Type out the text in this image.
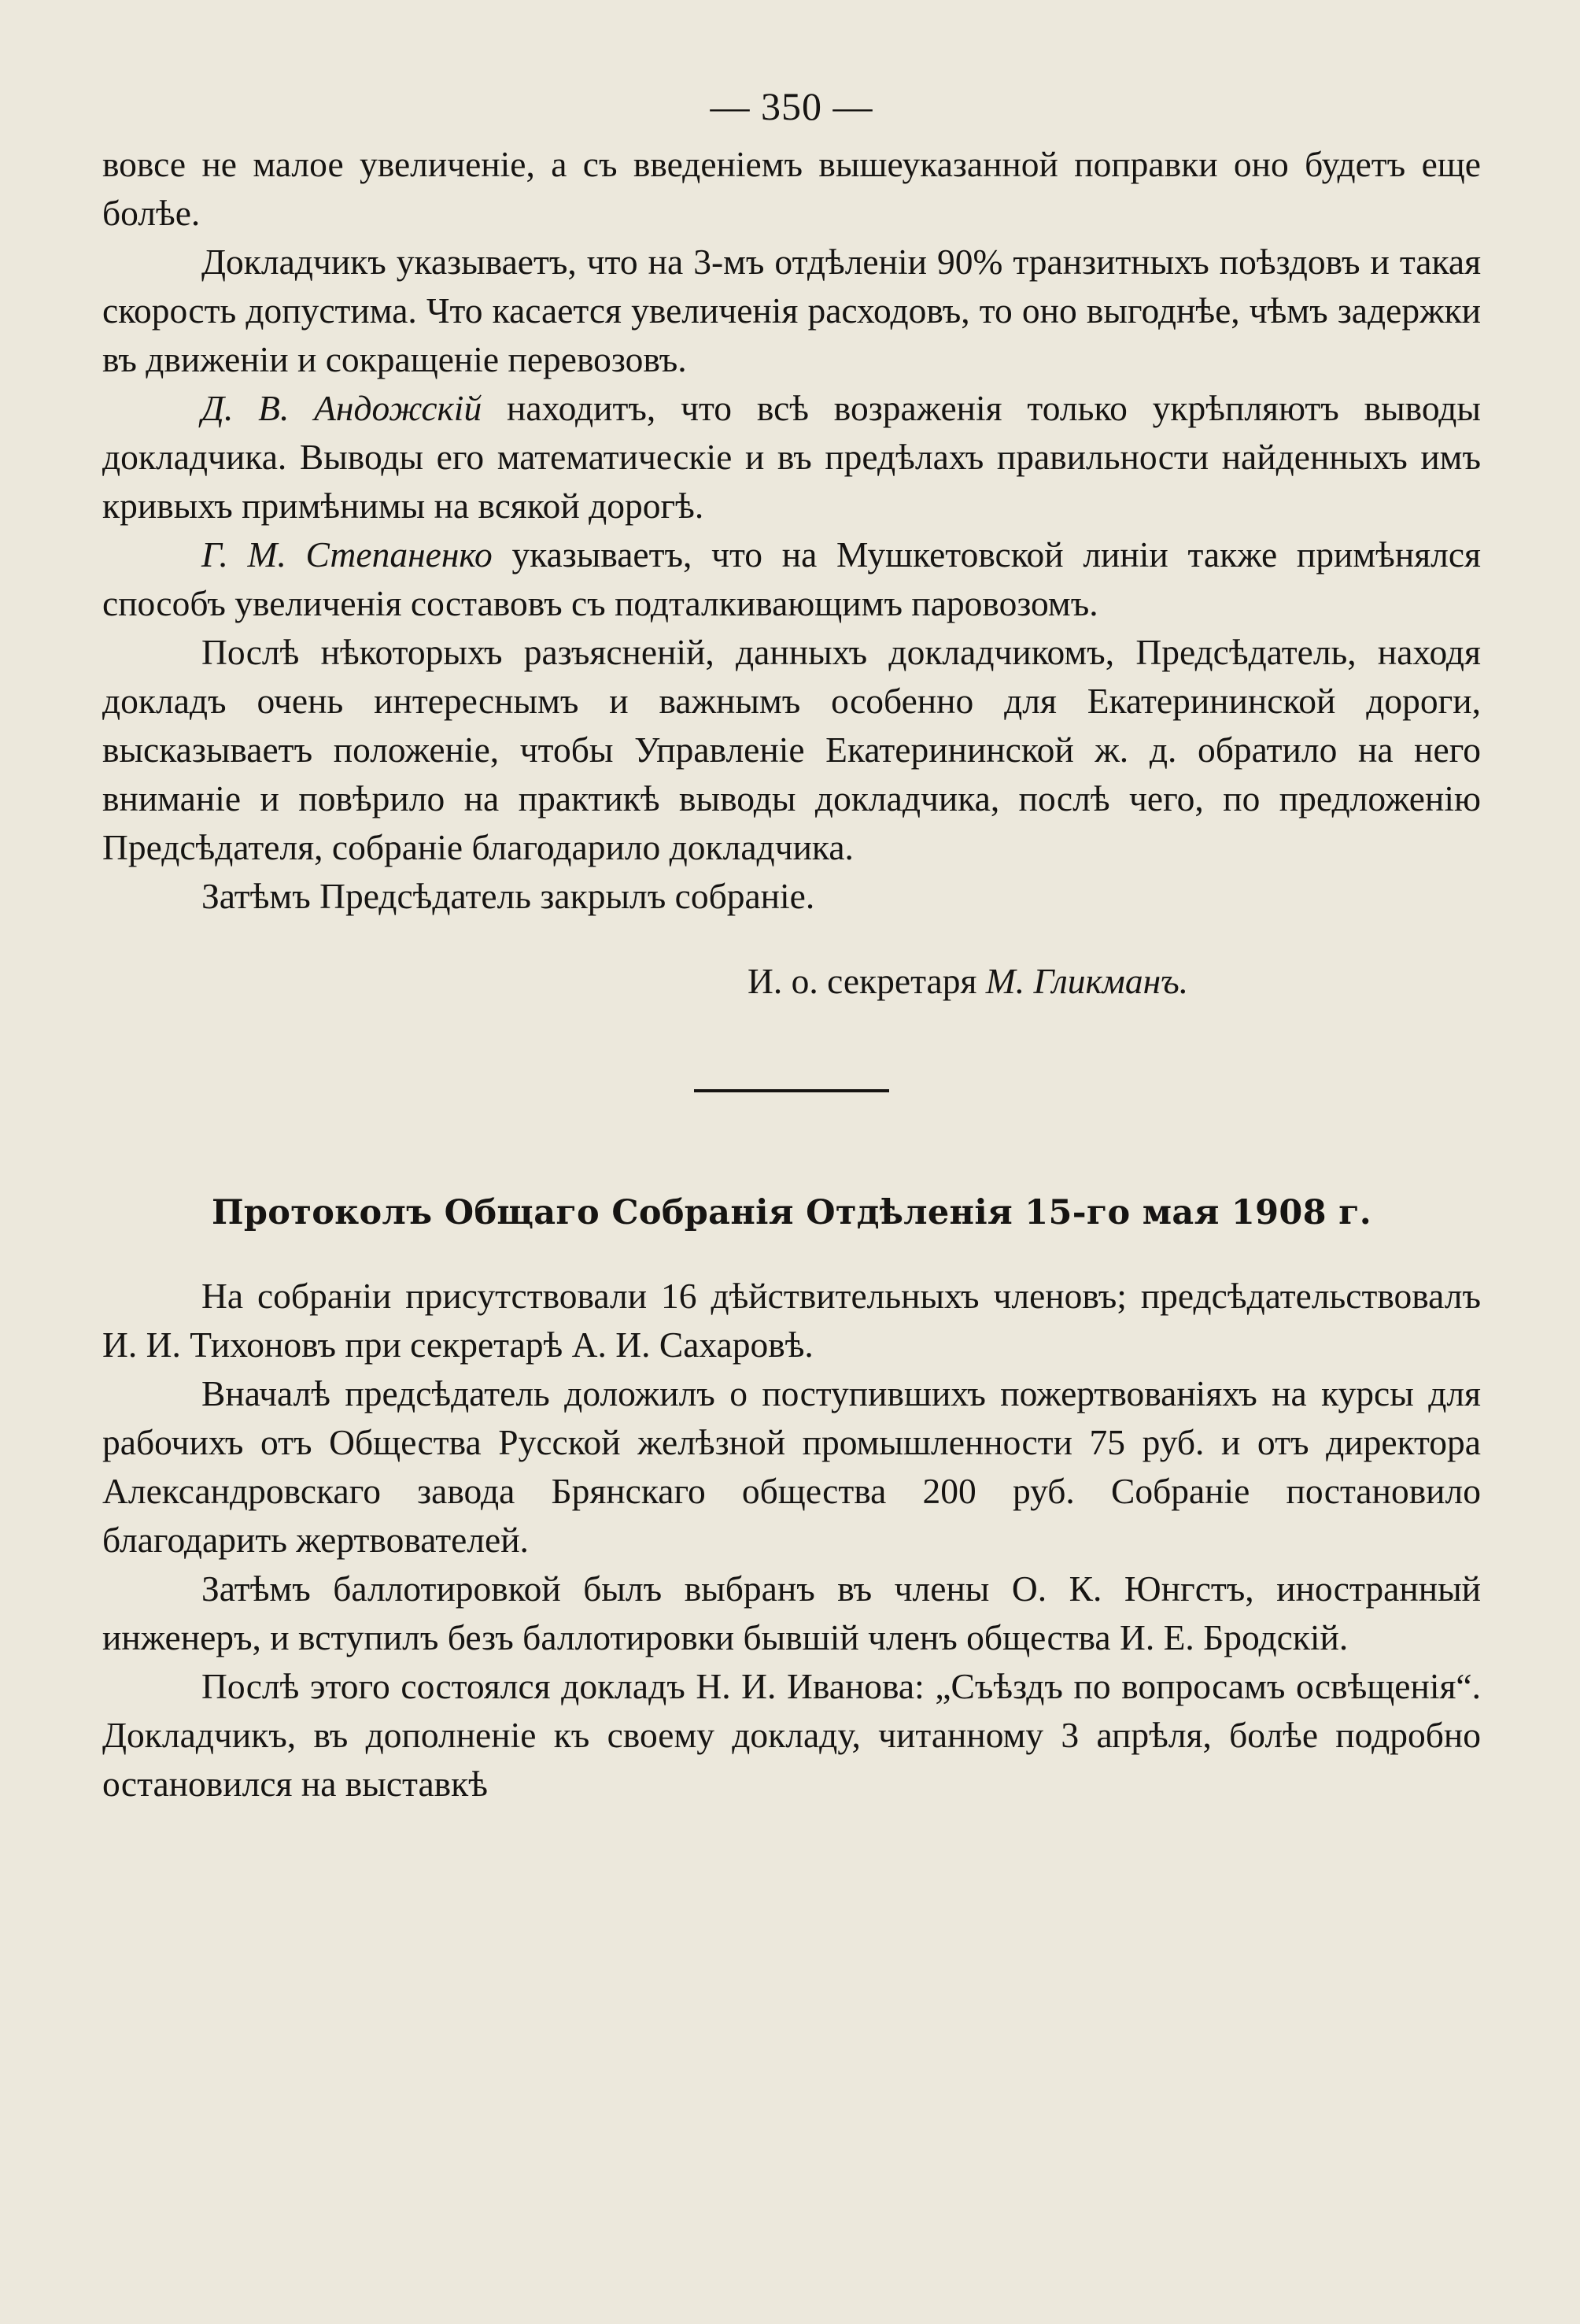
— 350 —

вовсе не малое увеличеніе, а съ введеніемъ вышеуказанной поправки оно будетъ еще болѣе.

Докладчикъ указываетъ, что на 3-мъ отдѣленіи 90% транзитныхъ поѣздовъ и такая скорость допустима. Что касается увеличенія расходовъ, то оно выгоднѣе, чѣмъ задержки въ движеніи и сокращеніе перевозовъ.

Д. В. Андожскій находитъ, что всѣ возраженія только укрѣпляютъ выводы докладчика. Выводы его математическіе и въ предѣлахъ правильности найденныхъ имъ кривыхъ примѣнимы на всякой дорогѣ.

Г. М. Степаненко указываетъ, что на Мушкетовской линіи также примѣнялся способъ увеличенія составовъ съ подталкивающимъ паровозомъ.

Послѣ нѣкоторыхъ разъясненій, данныхъ докладчикомъ, Предсѣдатель, находя докладъ очень интереснымъ и важнымъ особенно для Екатерининской дороги, высказываетъ положеніе, чтобы Управленіе Екатерининской ж. д. обратило на него вниманіе и повѣрило на практикѣ выводы докладчика, послѣ чего, по предложенію Предсѣдателя, собраніе благодарило докладчика.

Затѣмъ Предсѣдатель закрылъ собраніе.

И. о. секретаря М. Гликманъ.

Протоколъ Общаго Собранія Отдѣленія 15-го мая 1908 г.

На собраніи присутствовали 16 дѣйствительныхъ членовъ; предсѣдательствовалъ И. И. Тихоновъ при секретарѣ А. И. Сахаровѣ.

Вначалѣ предсѣдатель доложилъ о поступившихъ пожертвованіяхъ на курсы для рабочихъ отъ Общества Русской желѣзной промышленности 75 руб. и отъ директора Александровскаго завода Брянскаго общества 200 руб. Собраніе постановило благодарить жертвователей.

Затѣмъ баллотировкой былъ выбранъ въ члены О. К. Юнгстъ, иностранный инженеръ, и вступилъ безъ баллотировки бывшій членъ общества И. Е. Бродскій.

Послѣ этого состоялся докладъ Н. И. Иванова: „Съѣздъ по вопросамъ освѣщенія“. Докладчикъ, въ дополненіе къ своему докладу, читанному 3 апрѣля, болѣе подробно остановился на выставкѣ
